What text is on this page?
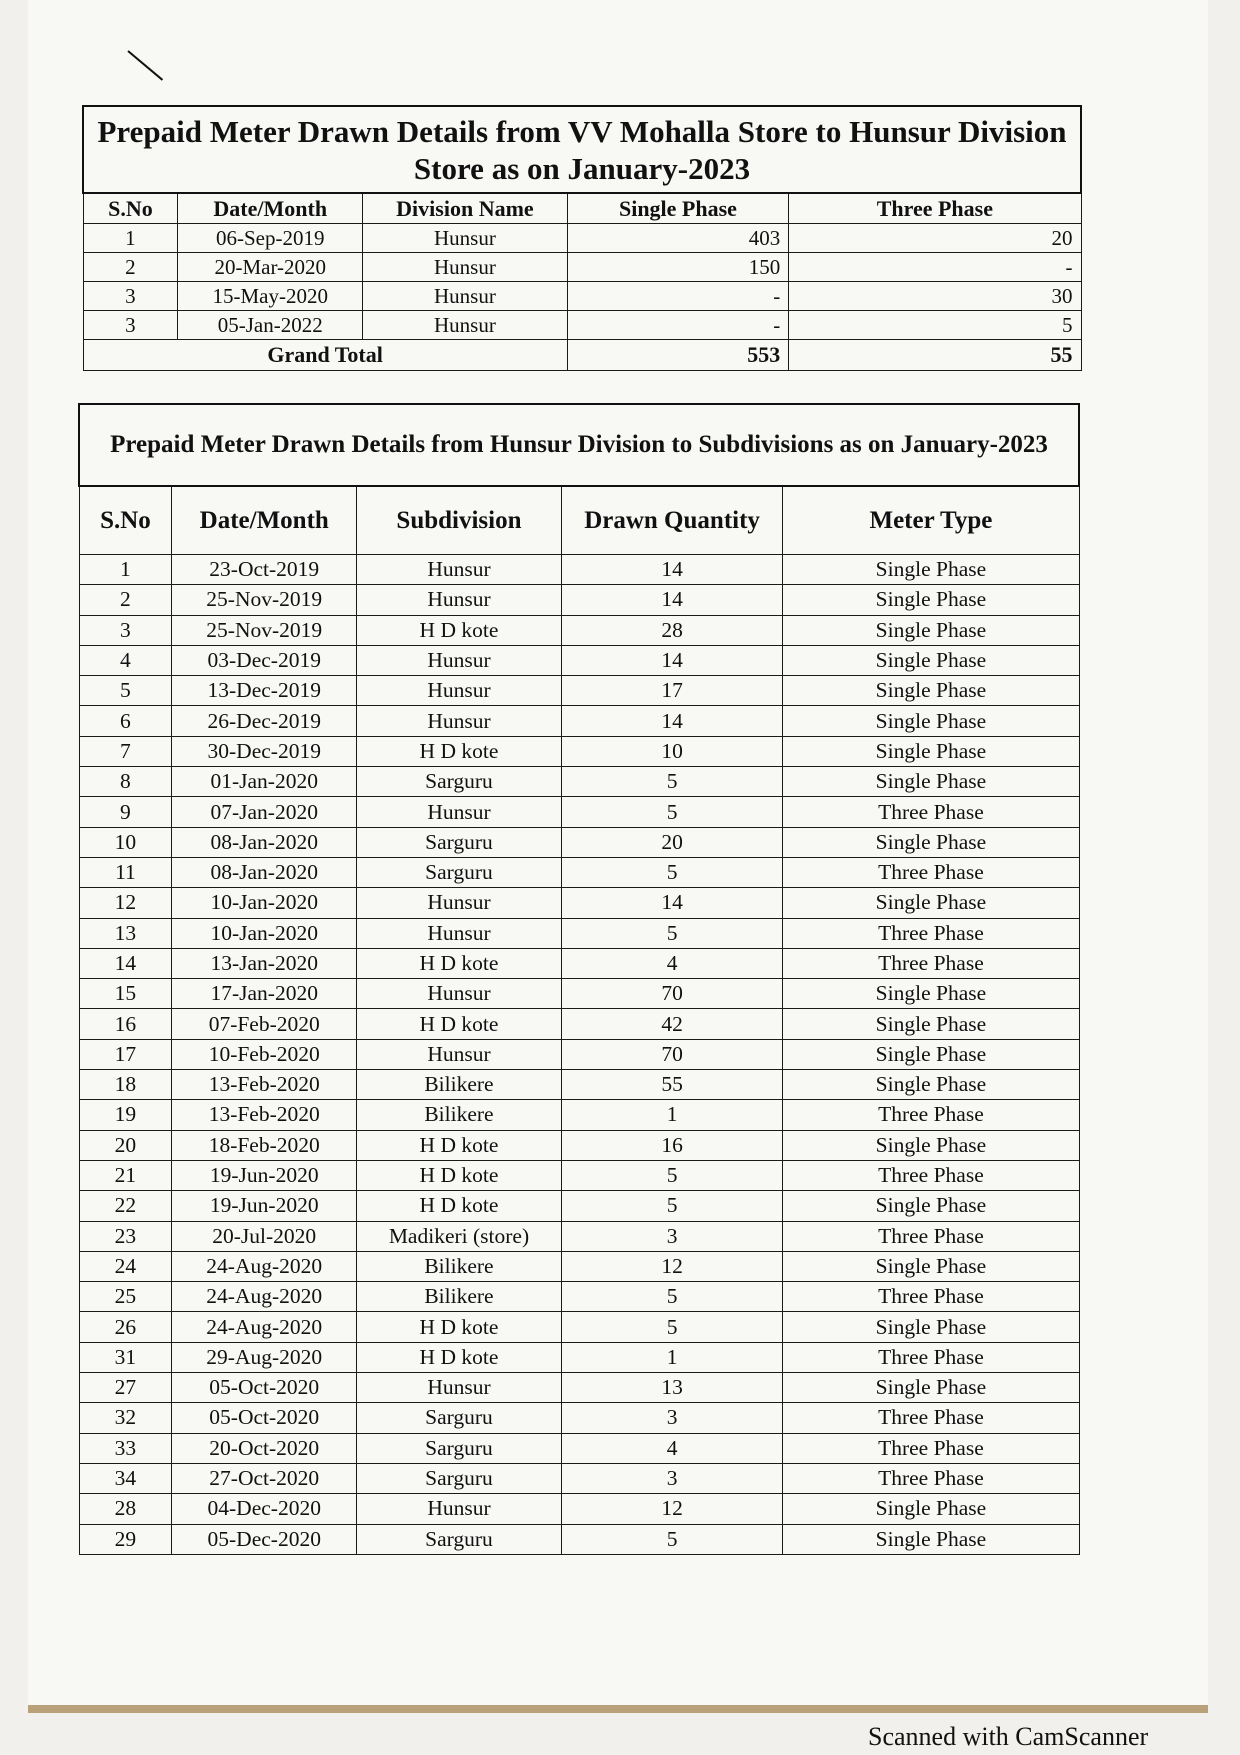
Prepaid Meter Drawn Details from VV Mohalla Store to Hunsur Division Store as on January-2023				
S.No	Date/Month	Division Name	Single Phase	Three Phase
1	06-Sep-2019	Hunsur	403	20
2	20-Mar-2020	Hunsur	150	-
3	15-May-2020	Hunsur	-	30
3	05-Jan-2022	Hunsur	-	5
Grand Total			553	55
Prepaid Meter Drawn Details from Hunsur Division to Subdivisions as on January-2023				
S.No	Date/Month	Subdivision	Drawn Quantity	Meter Type
1	23-Oct-2019	Hunsur	14	Single Phase
2	25-Nov-2019	Hunsur	14	Single Phase
3	25-Nov-2019	H D kote	28	Single Phase
4	03-Dec-2019	Hunsur	14	Single Phase
5	13-Dec-2019	Hunsur	17	Single Phase
6	26-Dec-2019	Hunsur	14	Single Phase
7	30-Dec-2019	H D kote	10	Single Phase
8	01-Jan-2020	Sarguru	5	Single Phase
9	07-Jan-2020	Hunsur	5	Three Phase
10	08-Jan-2020	Sarguru	20	Single Phase
11	08-Jan-2020	Sarguru	5	Three Phase
12	10-Jan-2020	Hunsur	14	Single Phase
13	10-Jan-2020	Hunsur	5	Three Phase
14	13-Jan-2020	H D kote	4	Three Phase
15	17-Jan-2020	Hunsur	70	Single Phase
16	07-Feb-2020	H D kote	42	Single Phase
17	10-Feb-2020	Hunsur	70	Single Phase
18	13-Feb-2020	Bilikere	55	Single Phase
19	13-Feb-2020	Bilikere	1	Three Phase
20	18-Feb-2020	H D kote	16	Single Phase
21	19-Jun-2020	H D kote	5	Three Phase
22	19-Jun-2020	H D kote	5	Single Phase
23	20-Jul-2020	Madikeri (store)	3	Three Phase
24	24-Aug-2020	Bilikere	12	Single Phase
25	24-Aug-2020	Bilikere	5	Three Phase
26	24-Aug-2020	H D kote	5	Single Phase
31	29-Aug-2020	H D kote	1	Three Phase
27	05-Oct-2020	Hunsur	13	Single Phase
32	05-Oct-2020	Sarguru	3	Three Phase
33	20-Oct-2020	Sarguru	4	Three Phase
34	27-Oct-2020	Sarguru	3	Three Phase
28	04-Dec-2020	Hunsur	12	Single Phase
29	05-Dec-2020	Sarguru	5	Single Phase
Scanned with CamScanner
